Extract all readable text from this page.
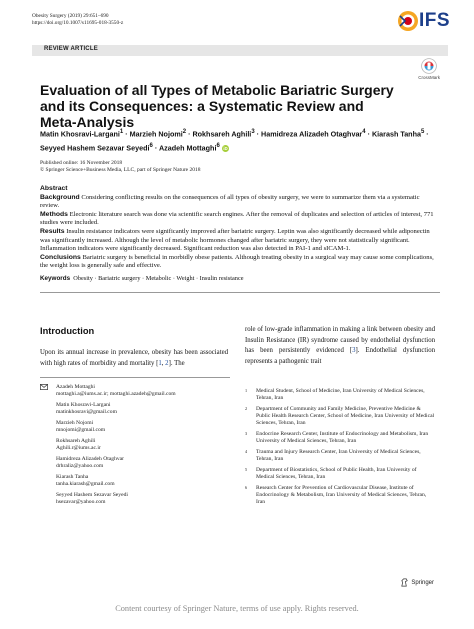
Obesity Surgery (2019) 29:651–690
https://doi.org/10.1007/s11695-018-3550-z	IFS
REVIEW ARTICLE
CrossMark
Evaluation of all Types of Metabolic Bariatric Surgery and its Consequences: a Systematic Review and Meta-Analysis
Matin Khosravi-Largani$^1$ · Marzieh Nojomi$^2$ · Rokhsareh Aghili$^3$ · Hamidreza Alizadeh Otaghvar$^4$ · Kiarash Tanha$^5$ ·
Seyyed Hashem Sezavar Seyedi$^6$ · Azadeh Mottaghi$^6$ iD
Published online: 16 November 2018
© Springer Science+Business Media, LLC, part of Springer Nature 2018

Abstract

Background Considering conflicting results on the consequences of all types of obesity surgery, we were to summarize them via a systematic review.

Methods Electronic literature search was done via scientific search engines. After the removal of duplicates and selection of articles of interest, 771 studies were included.

Results Insulin resistance indicators were significantly improved after bariatric surgery. Leptin was also significantly decreased while adiponectin was significantly increased. Although the level of metabolic hormones changed after bariatric surgery, they were not statistically significant. Inflammation indicators were significantly decreased. Significant reduction was also detected in PAI-1 and sICAM-1.

Conclusions Bariatric surgery is beneficial in morbidly obese patients. Although treating obesity in a surgical way may cause some complications, the weight loss is generally safe and effective.

Keywords Obesity · Bariatric surgery · Metabolic · Weight · Insulin resistance
Introduction
Upon its annual increase in prevalence, obesity has been associated with high rates of morbidity and mortality [1, 2]. The
role of low-grade inflammation in making a link between obesity and Insulin Resistance (IR) syndrome caused by endothelial dysfunction has been persistently evidenced [3]. Endothelial dysfunction represents a pathogenic trait
Azadeh Mottaghi
mottaghi.a@iums.ac.ir; mottaghi.azadeh@gmail.com
Matin Khosravi-Largani
matinkhosravi@gmail.com
Marzieh Nojomi
mnojomi@gmail.com
Rokhsareh Aghili
Aghili.r@iums.ac.ir
Hamidreza Alizadeh Otaghvar
drhraliz@yahoo.com
Kiarash Tanha
tanha.kiarash@gmail.com
Seyyed Hashem Sezavar Seyedi
hsezavar@yahoo.com
1	Medical Student, School of Medicine, Iran University of Medical Sciences, Tehran, Iran
2	Department of Community and Family Medicine, Preventive Medicine & Public Health Research Center, School of Medicine, Iran University of Medical Sciences, Tehran, Iran
3	Endocrine Research Center, Institute of Endocrinology and Metabolism, Iran University of Medical Sciences, Tehran, Iran
4	Trauma and Injury Research Center, Iran University of Medical Sciences, Tehran, Iran
5	Department of Biostatistics, School of Public Health, Iran University of Medical Sciences, Tehran, Iran
6	Research Center for Prevention of Cardiovascular Disease, Institute of Endocrinology & Metabolism, Iran University of Medical Sciences, Tehran, Iran
Springer
Content courtesy of Springer Nature, terms of use apply. Rights reserved.
